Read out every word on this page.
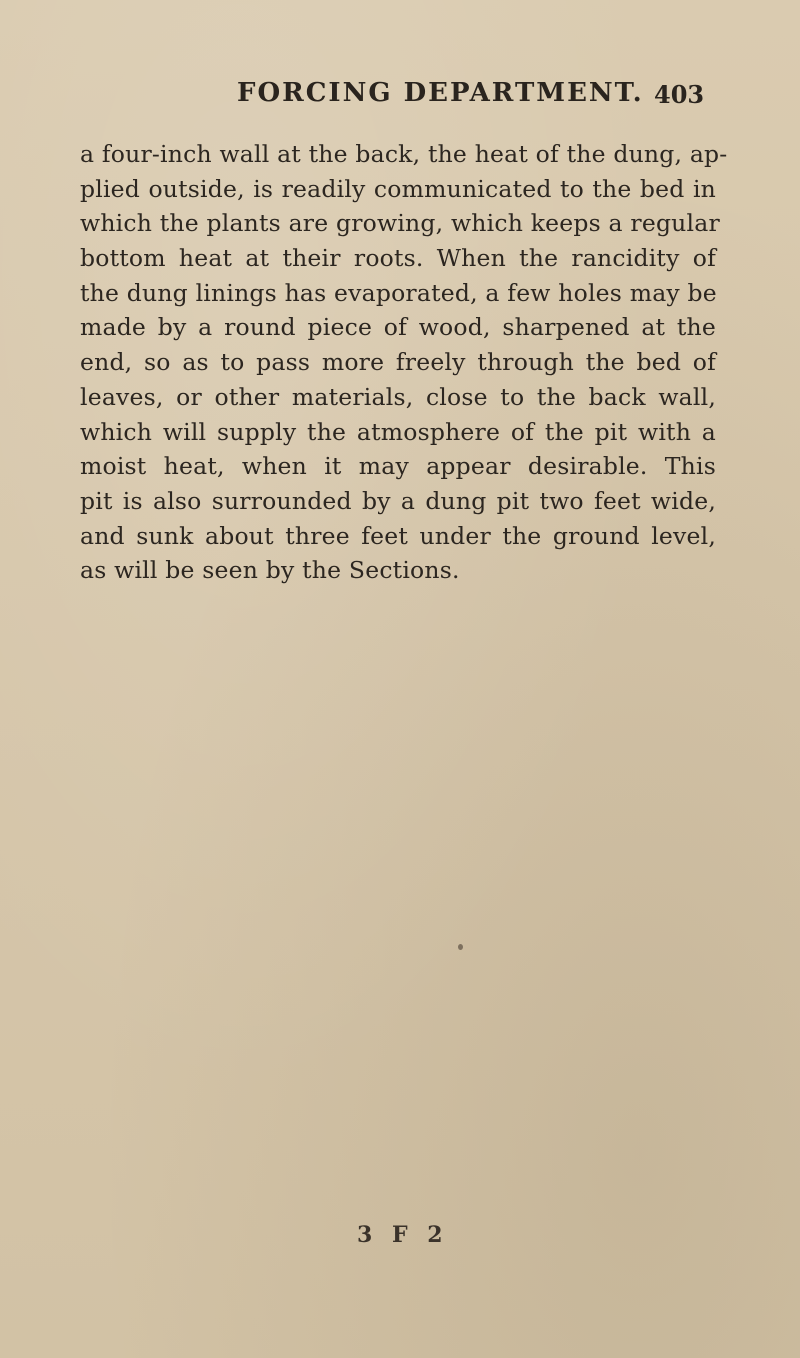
FORCING DEPARTMENT. 403
a four-inch wall at the back, the heat of the dung, ap-
plied outside, is readily communicated to the bed in
which the plants are growing, which keeps a regular
bottom heat at their roots. When the rancidity of
the dung linings has evaporated, a few holes may be
made by a round piece of wood, sharpened at the
end, so as to pass more freely through the bed of
leaves, or other materials, close to the back wall,
which will supply the atmosphere of the pit with a
moist heat, when it may appear desirable. This
pit is also surrounded by a dung pit two feet wide,
and sunk about three feet under the ground level,
as will be seen by the Sections.
3 F 2
